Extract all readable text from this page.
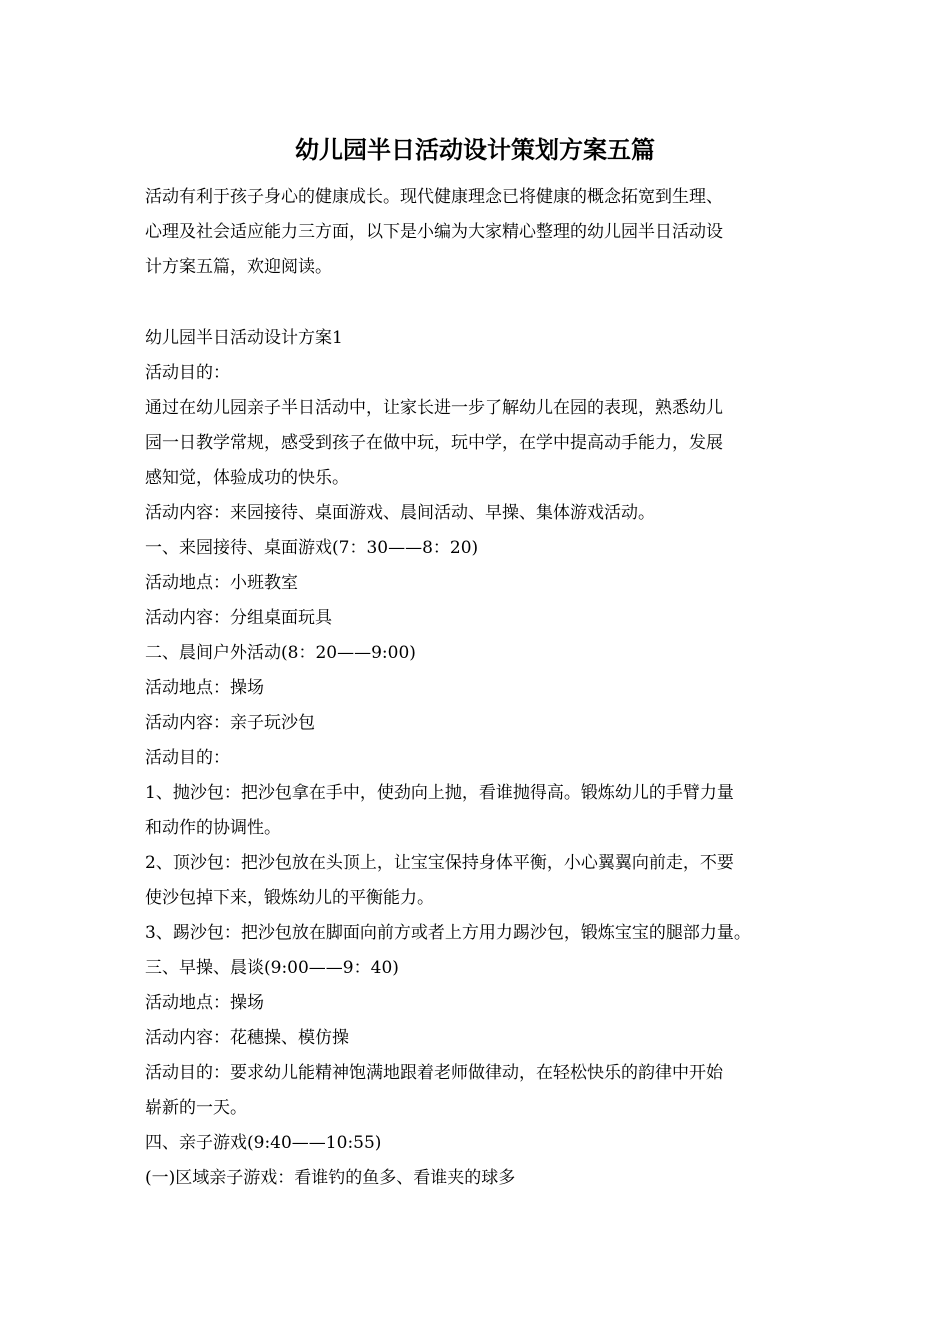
幼儿园半日活动设计策划方案五篇

活动有利于孩子身心的健康成长。现代健康理念已将健康的概念拓宽到生理、

心理及社会适应能力三方面，以下是小编为大家精心整理的幼儿园半日活动设

计方案五篇，欢迎阅读。

幼儿园半日活动设计方案1

活动目的：

通过在幼儿园亲子半日活动中，让家长进一步了解幼儿在园的表现，熟悉幼儿

园一日教学常规，感受到孩子在做中玩，玩中学，在学中提高动手能力，发展

感知觉，体验成功的快乐。

活动内容：来园接待、桌面游戏、晨间活动、早操、集体游戏活动。

一、来园接待、桌面游戏(7：30——8：20)

活动地点：小班教室

活动内容：分组桌面玩具

二、晨间户外活动(8：20——9:00)

活动地点：操场

活动内容：亲子玩沙包

活动目的：

1、抛沙包：把沙包拿在手中，使劲向上抛，看谁抛得高。锻炼幼儿的手臂力量

和动作的协调性。

2、顶沙包：把沙包放在头顶上，让宝宝保持身体平衡，小心翼翼向前走，不要

使沙包掉下来，锻炼幼儿的平衡能力。

3、踢沙包：把沙包放在脚面向前方或者上方用力踢沙包，锻炼宝宝的腿部力量。

三、早操、晨谈(9:00——9：40)

活动地点：操场

活动内容：花穗操、模仿操

活动目的：要求幼儿能精神饱满地跟着老师做律动，在轻松快乐的韵律中开始

崭新的一天。

四、亲子游戏(9:40——10:55)

(一)区域亲子游戏：看谁钓的鱼多、看谁夹的球多
